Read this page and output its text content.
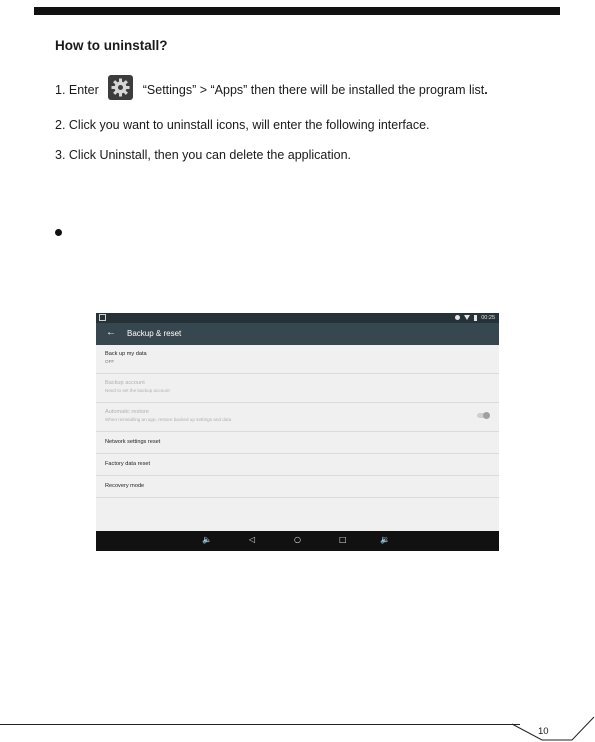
How to uninstall?
1. Enter	“Settings” > “Apps” then there will be installed the program list.
2. Click you want to uninstall icons, will enter the following interface.
3. Click Uninstall, then you can delete the application.
00:25
← Backup & reset
Back up my data
OFF
Backup account
Need to set the backup account
Automatic restore
When reinstalling an app, restore backed up settings and data
Network settings reset
Factory data reset
Recovery mode
🔈	◁	○	□	🔉
10
